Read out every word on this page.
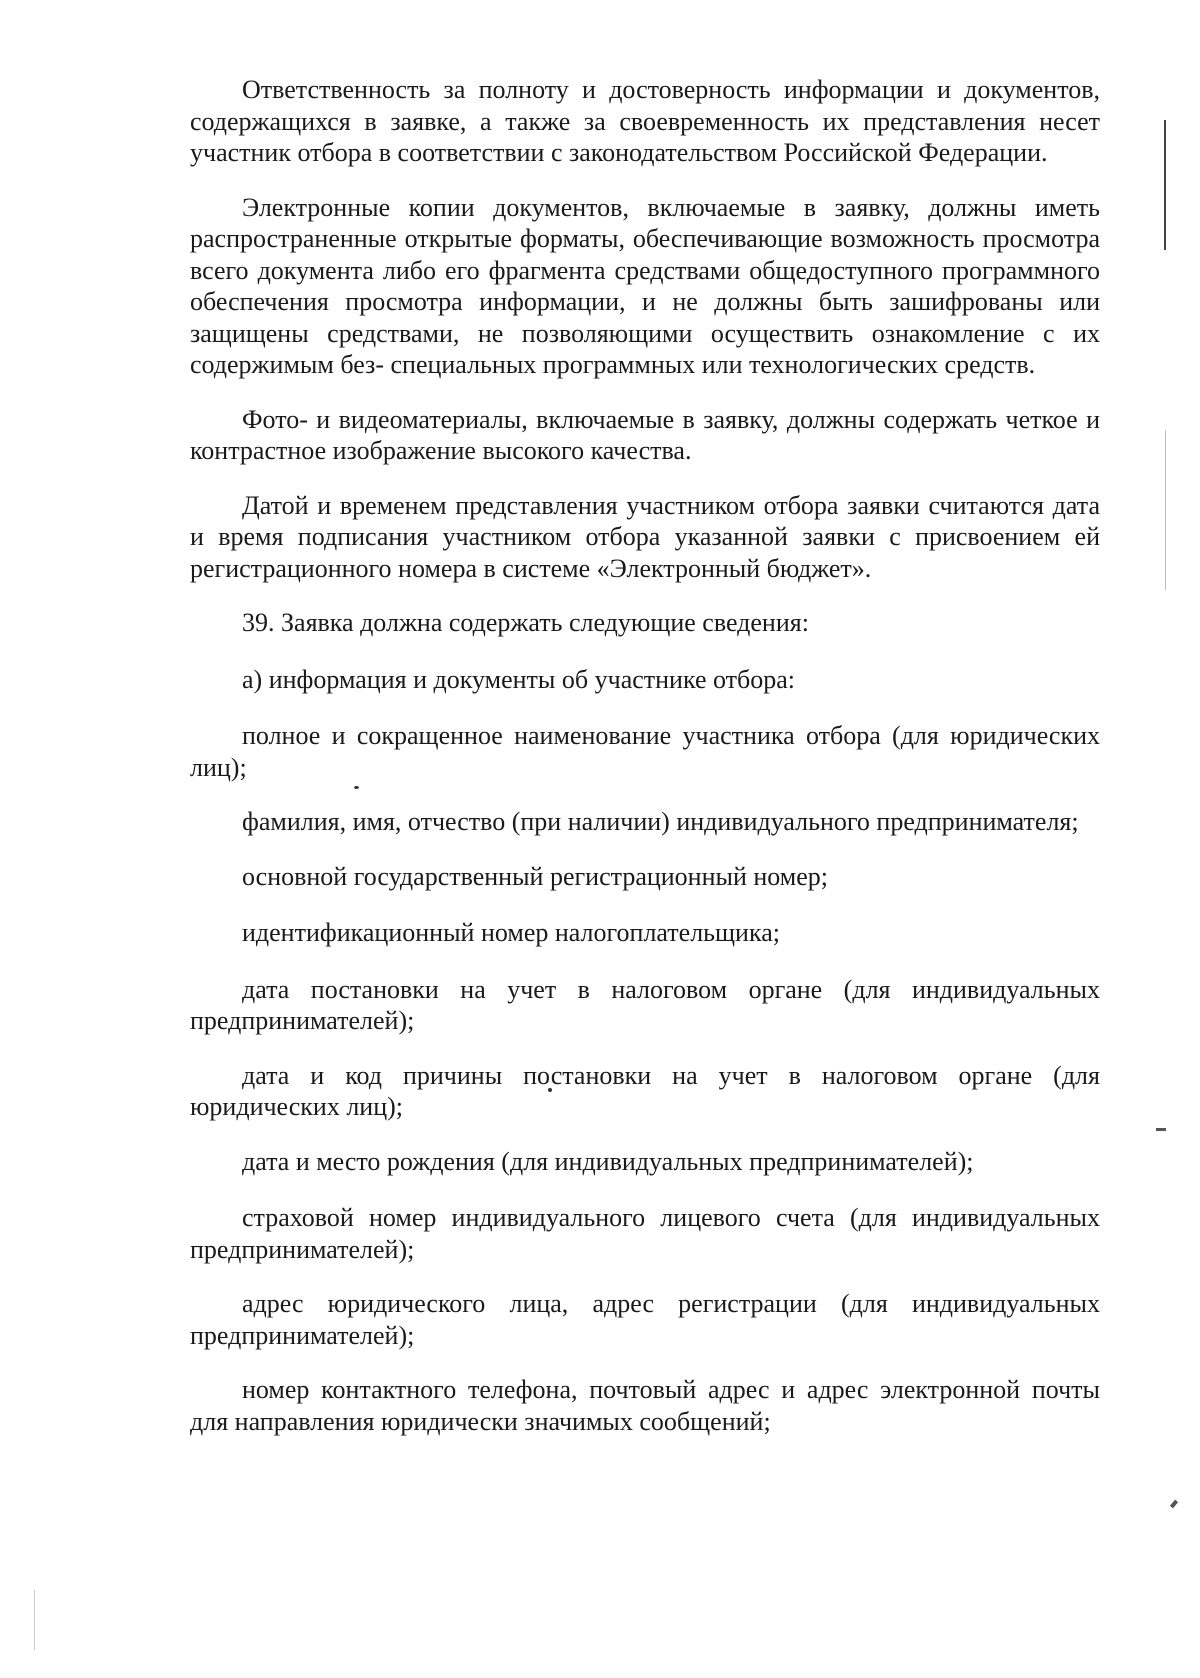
Ответственность за полноту и достоверность информации и документов, содержащихся в заявке, а также за своевременность их представления несет участник отбора в соответствии с законодательством Российской Федерации.

Электронные копии документов, включаемые в заявку, должны иметь распространенные открытые форматы, обеспечивающие возможность просмотра всего документа либо его фрагмента средствами общедоступного программного обеспечения просмотра информации, и не должны быть зашифрованы или защищены средствами, не позволяющими осуществить ознакомление с их содержимым без- специальных программных или технологических средств.

Фото- и видеоматериалы, включаемые в заявку, должны содержать четкое и контрастное изображение высокого качества.

Датой и временем представления участником отбора заявки считаются дата и время подписания участником отбора указанной заявки с присвоением ей регистрационного номера в системе «Электронный бюджет».

39. Заявка должна содержать следующие сведения:

а) информация и документы об участнике отбора:

полное и сокращенное наименование участника отбора (для юридических лиц);

фамилия, имя, отчество (при наличии) индивидуального предпринимателя;

основной государственный регистрационный номер;

идентификационный номер налогоплательщика;

дата постановки на учет в налоговом органе (для индивидуальных предпринимателей);

дата и код причины постановки на учет в налоговом органе (для юридических лиц);

дата и место рождения (для индивидуальных предпринимателей);

страховой номер индивидуального лицевого счета (для индивидуальных предпринимателей);

адрес юридического лица, адрес регистрации (для индивидуальных предпринимателей);

номер контактного телефона, почтовый адрес и адрес электронной почты для направления юридически значимых сообщений;
